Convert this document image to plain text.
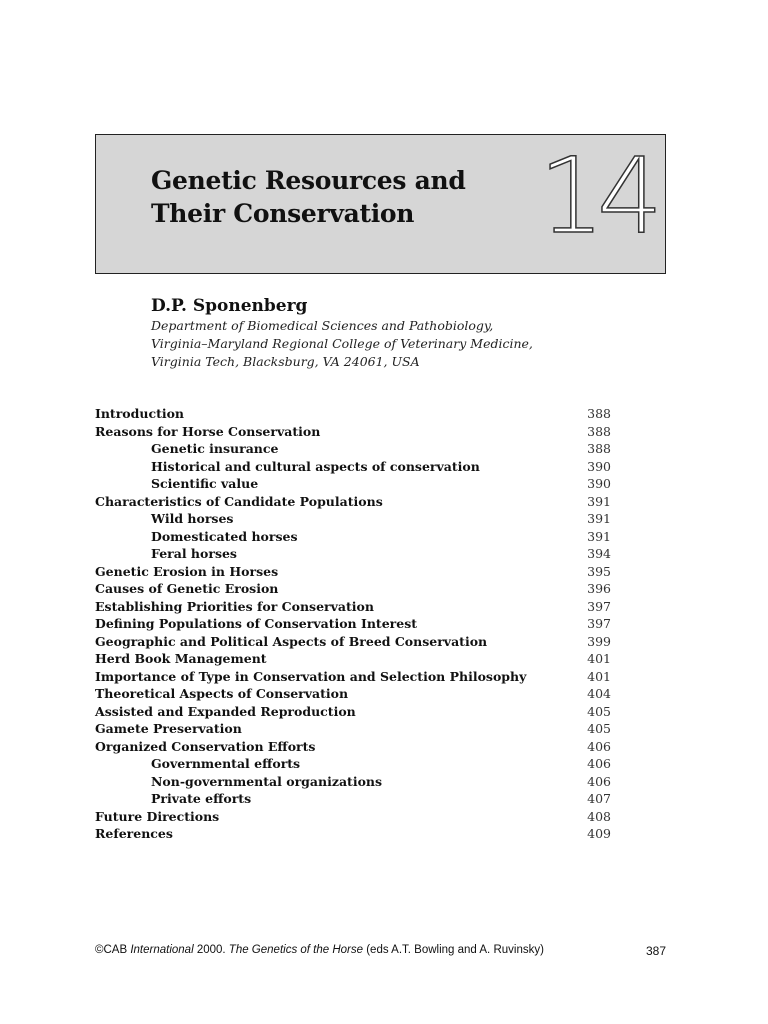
Genetic Resources and
Their Conservation	14
D.P. Sponenberg
Department of Biomedical Sciences and Pathobiology,
Virginia–Maryland Regional College of Veterinary Medicine,
Virginia Tech, Blacksburg, VA 24061, USA
Introduction	388
Reasons for Horse Conservation	388
Genetic insurance	388
Historical and cultural aspects of conservation	390
Scientific value	390
Characteristics of Candidate Populations	391
Wild horses	391
Domesticated horses	391
Feral horses	394
Genetic Erosion in Horses	395
Causes of Genetic Erosion	396
Establishing Priorities for Conservation	397
Defining Populations of Conservation Interest	397
Geographic and Political Aspects of Breed Conservation	399
Herd Book Management	401
Importance of Type in Conservation and Selection Philosophy	401
Theoretical Aspects of Conservation	404
Assisted and Expanded Reproduction	405
Gamete Preservation	405
Organized Conservation Efforts	406
Governmental efforts	406
Non-governmental organizations	406
Private efforts	407
Future Directions	408
References	409
©CAB International 2000. The Genetics of the Horse (eds A.T. Bowling and A. Ruvinsky)	387
